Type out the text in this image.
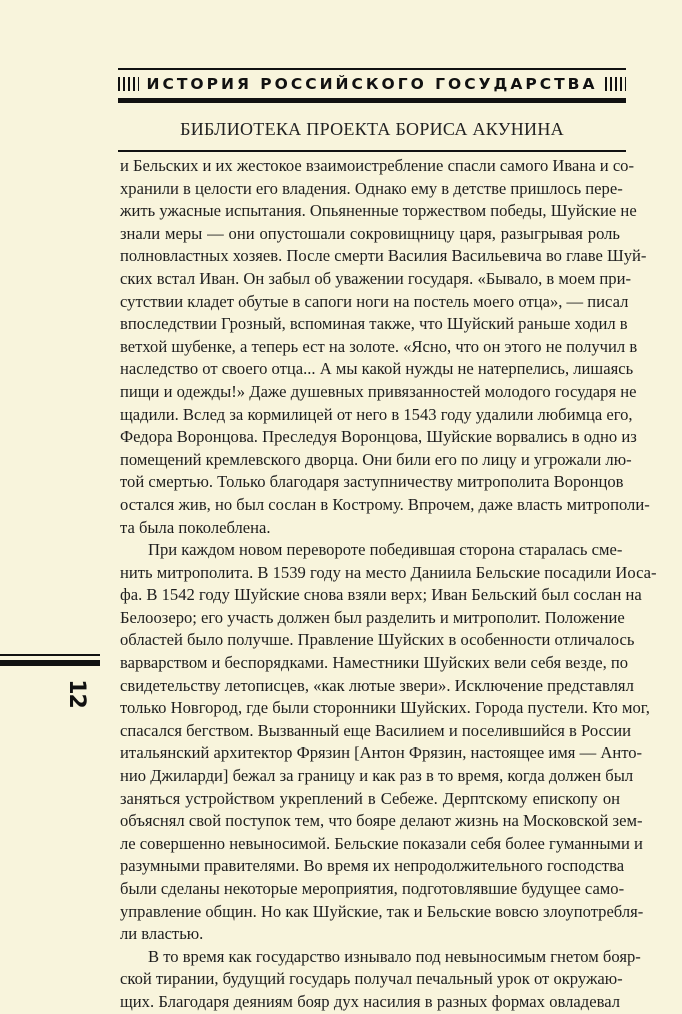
ИСТОРИЯ РОССИЙСКОГО ГОСУДАРСТВА
БИБЛИОТЕКА ПРОЕКТА БОРИСА АКУНИНА
и Бельских и их жестокое взаимоистребление спасли самого Ивана и со-
хранили в целости его владения. Однако ему в детстве пришлось пере-
жить ужасные испытания. Опьяненные торжеством победы, Шуйские не
знали меры — они опустошали сокровищницу царя, разыгрывая роль
полновластных хозяев. После смерти Василия Васильевича во главе Шуй-
ских встал Иван. Он забыл об уважении государя. «Бывало, в моем при-
сутствии кладет обутые в сапоги ноги на постель моего отца», — писал
впоследствии Грозный, вспоминая также, что Шуйский раньше ходил в
ветхой шубенке, а теперь ест на золоте. «Ясно, что он этого не получил в
наследство от своего отца... А мы какой нужды не натерпелись, лишаясь
пищи и одежды!» Даже душевных привязанностей молодого государя не
щадили. Вслед за кормилицей от него в 1543 году удалили любимца его,
Федора Воронцова. Преследуя Воронцова, Шуйские ворвались в одно из
помещений кремлевского дворца. Они били его по лицу и угрожали лю-
той смертью. Только благодаря заступничеству митрополита Воронцов
остался жив, но был сослан в Кострому. Впрочем, даже власть митрополи-
та была поколеблена.
При каждом новом перевороте победившая сторона старалась сме-
нить митрополита. В 1539 году на место Даниила Бельские посадили Иоса-
фа. В 1542 году Шуйские снова взяли верх; Иван Бельский был сослан на
Белоозеро; его участь должен был разделить и митрополит. Положение
областей было получше. Правление Шуйских в особенности отличалось
варварством и беспорядками. Наместники Шуйских вели себя везде, по
свидетельству летописцев, «как лютые звери». Исключение представлял
только Новгород, где были сторонники Шуйских. Города пустели. Кто мог,
спасался бегством. Вызванный еще Василием и поселившийся в России
итальянский архитектор Фрязин [Антон Фрязин, настоящее имя — Анто-
нио Джиларди] бежал за границу и как раз в то время, когда должен был
заняться устройством укреплений в Себеже. Дерптскому епископу он
объяснял свой поступок тем, что бояре делают жизнь на Московской зем-
ле совершенно невыносимой. Бельские показали себя более гуманными и
разумными правителями. Во время их непродолжительного господства
были сделаны некоторые мероприятия, подготовлявшие будущее само-
управление общин. Но как Шуйские, так и Бельские вовсю злоупотребля-
ли властью.
В то время как государство изнывало под невыносимым гнетом бояр-
ской тирании, будущий государь получал печальный урок от окружаю-
щих. Благодаря деяниям бояр дух насилия в разных формах овладевал
12
